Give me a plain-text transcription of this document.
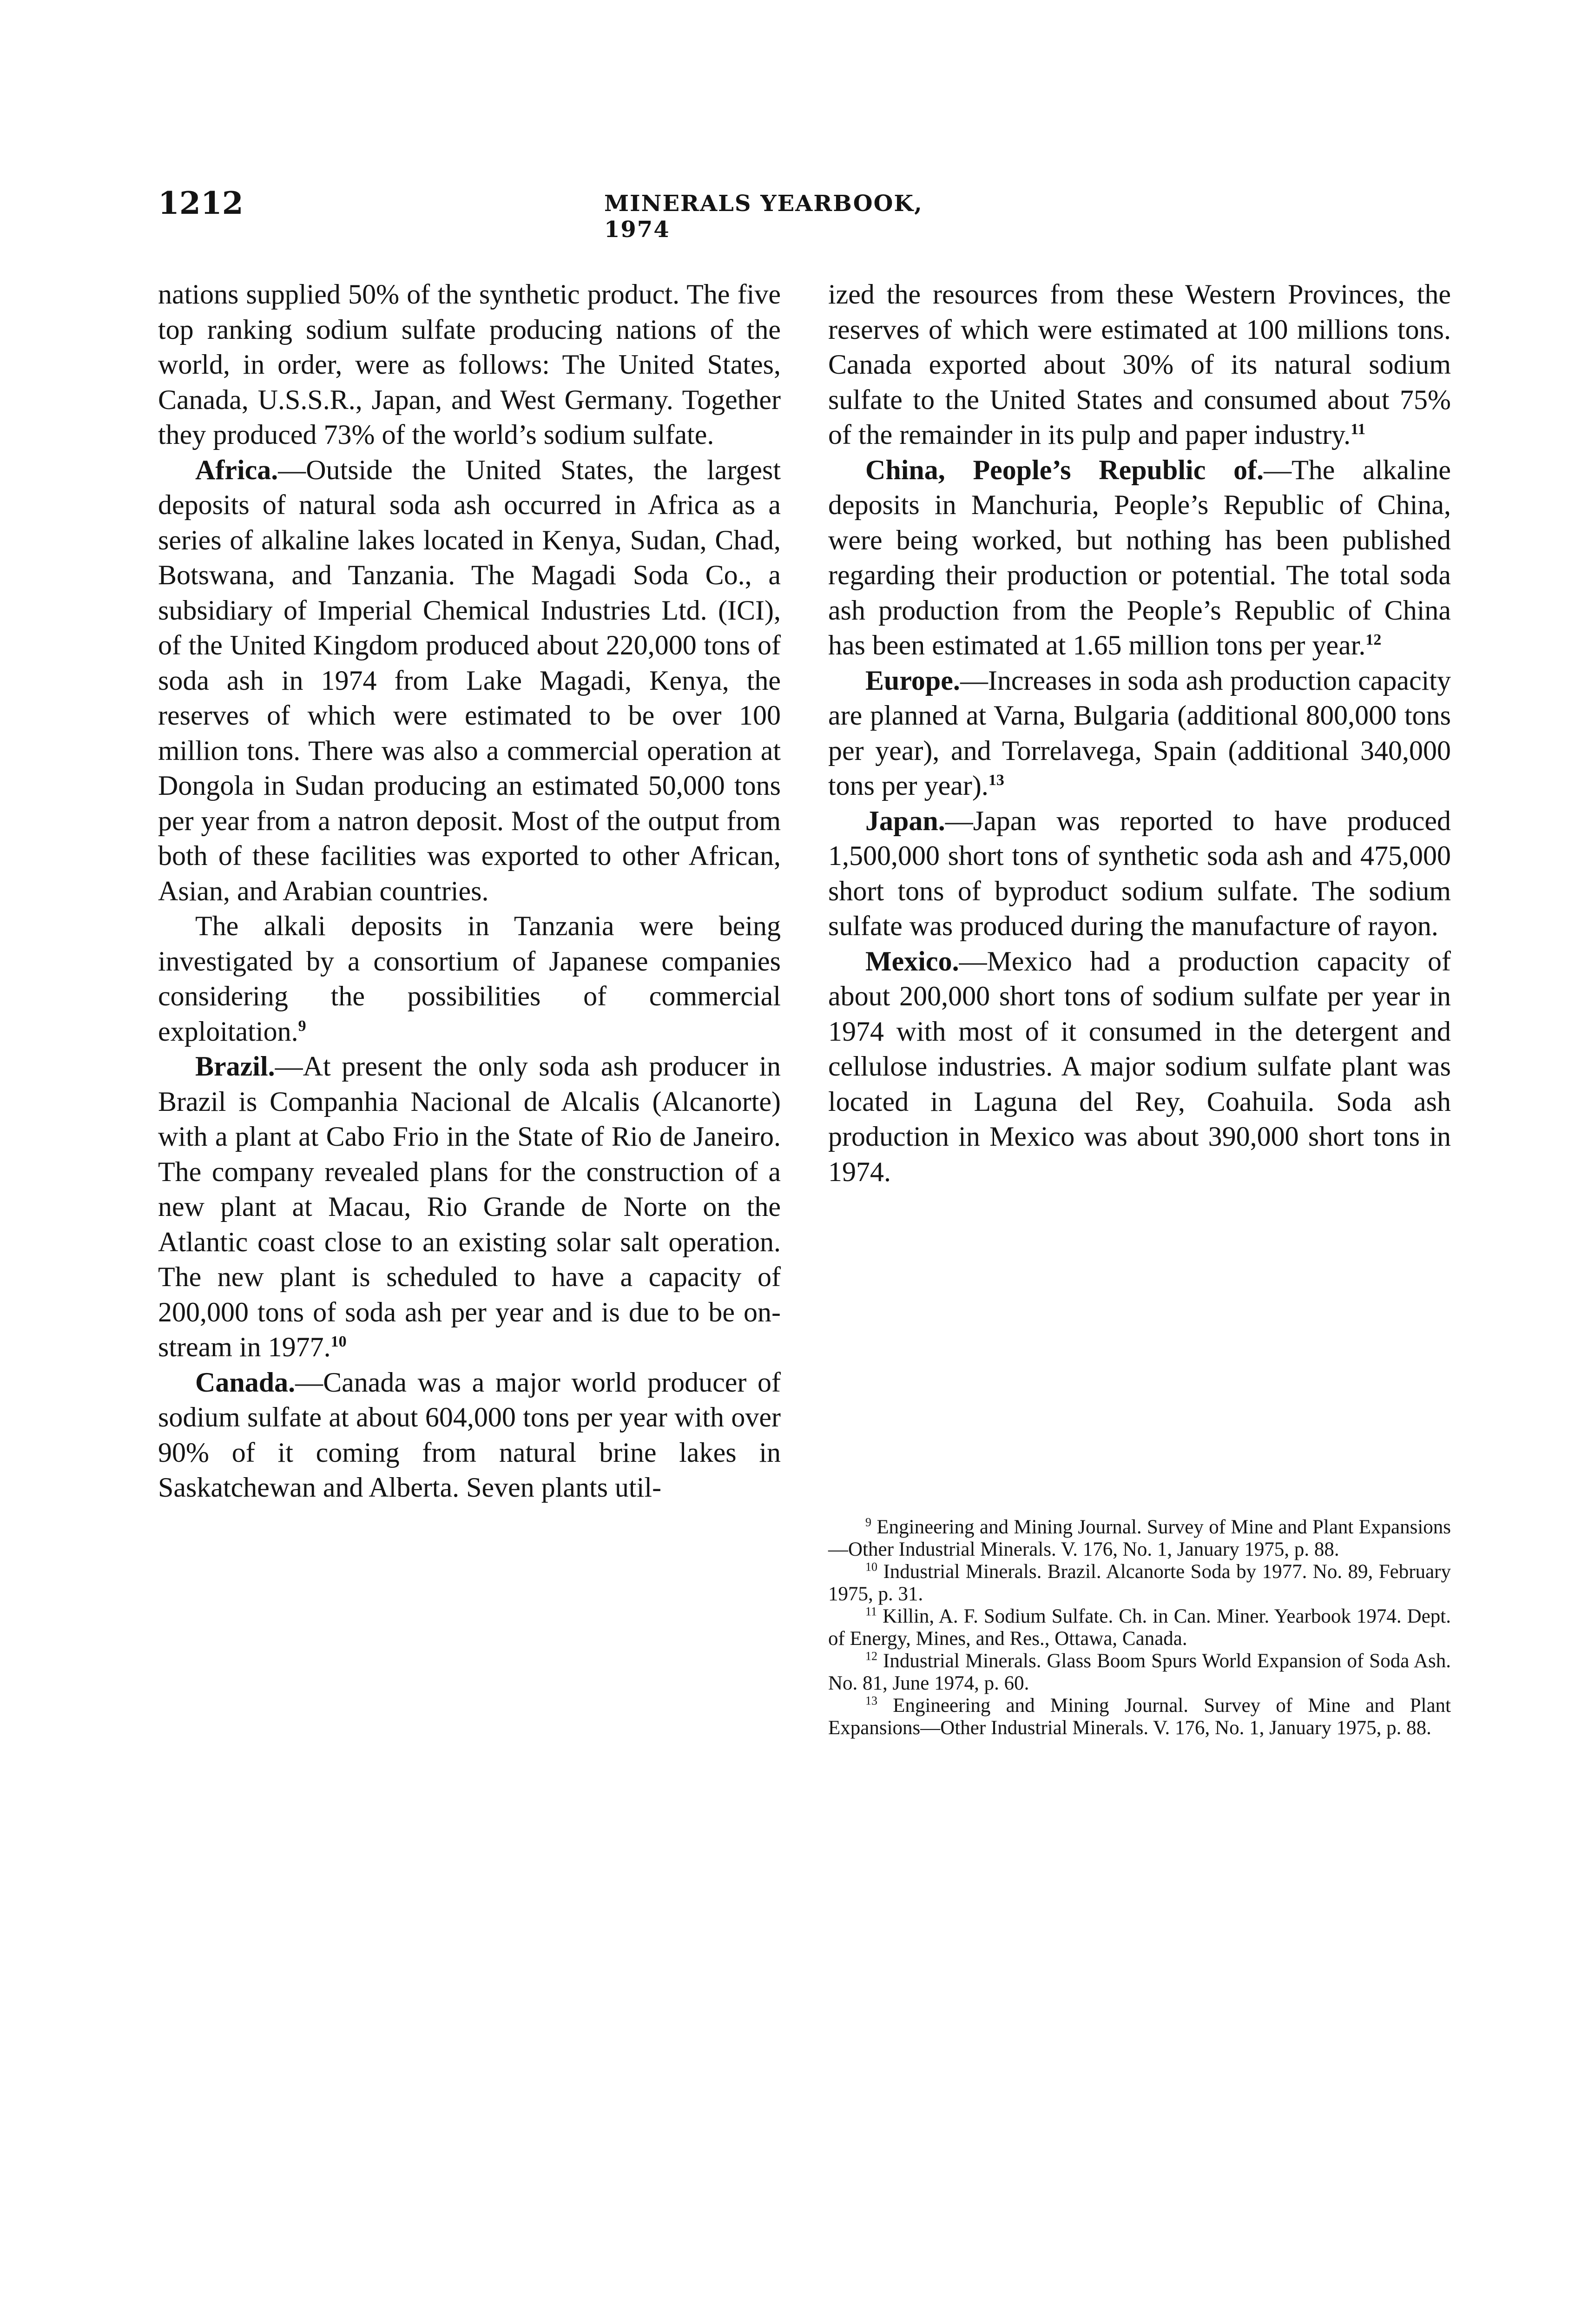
1212	MINERALS YEARBOOK, 1974

nations supplied 50% of the synthetic product. The five top ranking sodium sulfate producing nations of the world, in order, were as follows: The United States, Canada, U.S.S.R., Japan, and West Germany. Together they produced 73% of the world’s sodium sulfate.

Africa.—Outside the United States, the largest deposits of natural soda ash occurred in Africa as a series of alkaline lakes located in Kenya, Sudan, Chad, Botswana, and Tanzania. The Magadi Soda Co., a subsidiary of Imperial Chemical Industries Ltd. (ICI), of the United Kingdom produced about 220,000 tons of soda ash in 1974 from Lake Magadi, Kenya, the reserves of which were estimated to be over 100 million tons. There was also a commercial operation at Dongola in Sudan producing an estimated 50,000 tons per year from a natron deposit. Most of the output from both of these facilities was exported to other African, Asian, and Arabian countries.

The alkali deposits in Tanzania were being investigated by a consortium of Japanese companies considering the possibilities of commercial exploitation.$^9$

Brazil.—At present the only soda ash producer in Brazil is Companhia Nacional de Alcalis (Alcanorte) with a plant at Cabo Frio in the State of Rio de Janeiro. The company revealed plans for the construction of a new plant at Macau, Rio Grande de Norte on the Atlantic coast close to an existing solar salt operation. The new plant is scheduled to have a capacity of 200,000 tons of soda ash per year and is due to be on-stream in 1977.10

Canada.—Canada was a major world producer of sodium sulfate at about 604,000 tons per year with over 90% of it coming from natural brine lakes in Saskatchewan and Alberta. Seven plants util-

ized the resources from these Western Provinces, the reserves of which were estimated at 100 millions tons. Canada exported about 30% of its natural sodium sulfate to the United States and consumed about 75% of the remainder in its pulp and paper industry.$^{11}$

China, People’s Republic of.—The alkaline deposits in Manchuria, People’s Republic of China, were being worked, but nothing has been published regarding their production or potential. The total soda ash production from the People’s Republic of China has been estimated at 1.65 million tons per year.$^{12}$

Europe.—Increases in soda ash production capacity are planned at Varna, Bulgaria (additional 800,000 tons per year), and Torrelavega, Spain (additional 340,000 tons per year).$^{13}$

Japan.—Japan was reported to have produced 1,500,000 short tons of synthetic soda ash and 475,000 short tons of byproduct sodium sulfate. The sodium sulfate was produced during the manufacture of rayon.

Mexico.—Mexico had a production capacity of about 200,000 short tons of sodium sulfate per year in 1974 with most of it consumed in the detergent and cellulose industries. A major sodium sulfate plant was located in Laguna del Rey, Coahuila. Soda ash production in Mexico was about 390,000 short tons in 1974.

$^9$ Engineering and Mining Journal. Survey of Mine and Plant Expansions—Other Industrial Minerals. V. 176, No. 1, January 1975, p. 88.

$^{10}$ Industrial Minerals. Brazil. Alcanorte Soda by 1977. No. 89, February 1975, p. 31.

$^{11}$ Killin, A. F. Sodium Sulfate. Ch. in Can. Miner. Yearbook 1974. Dept. of Energy, Mines, and Res., Ottawa, Canada.

$^{12}$ Industrial Minerals. Glass Boom Spurs World Expansion of Soda Ash. No. 81, June 1974, p. 60.

$^{13}$ Engineering and Mining Journal. Survey of Mine and Plant Expansions—Other Industrial Minerals. V. 176, No. 1, January 1975, p. 88.
